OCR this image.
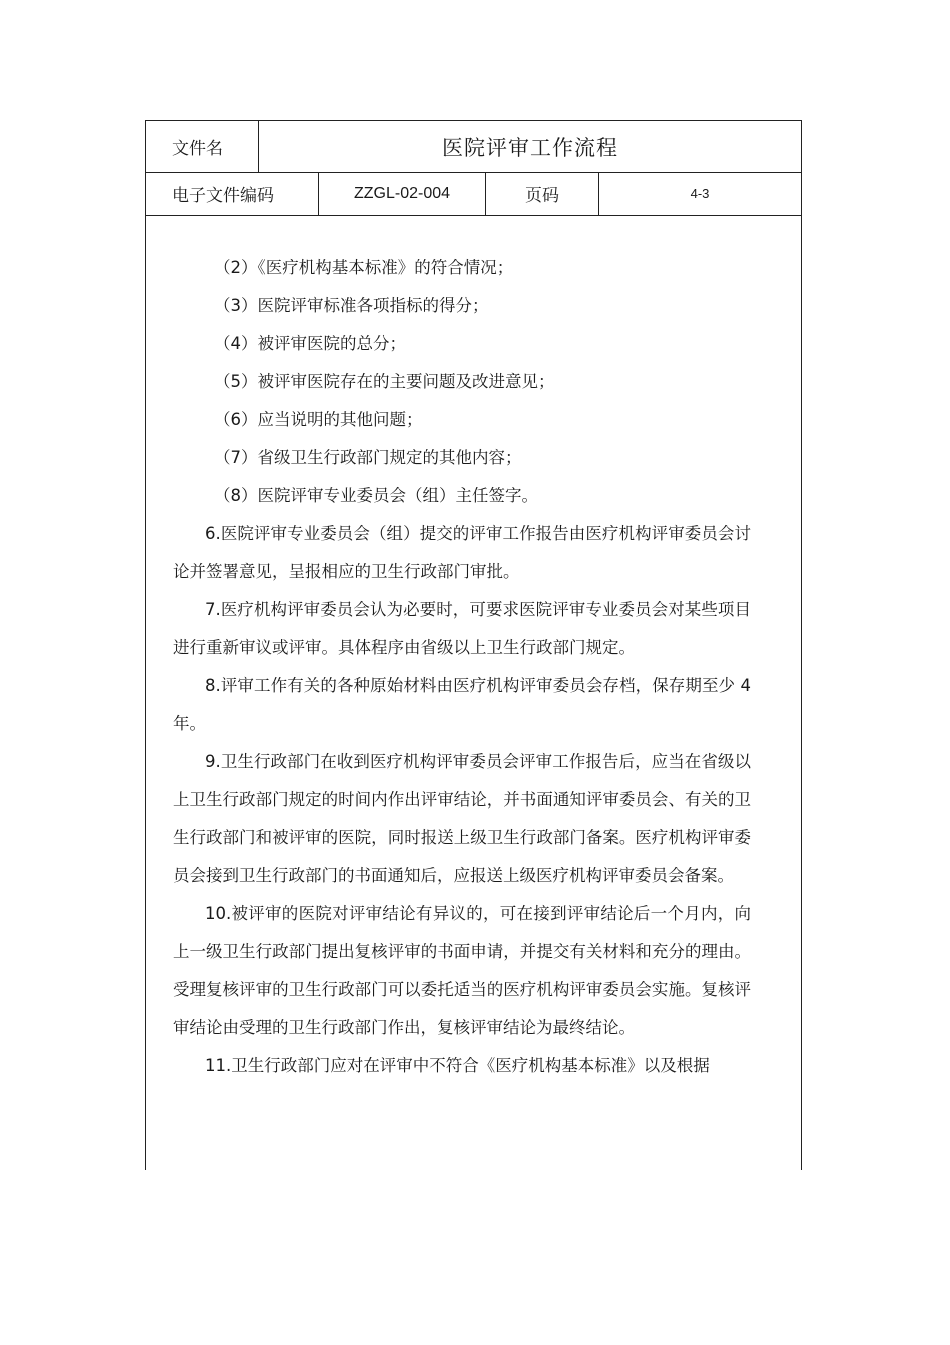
文件名	医院评审工作流程
电子文件编码	ZZGL-02-004	页码	4-3
（2）《医疗机构基本标准》的符合情况；
（3）医院评审标准各项指标的得分；
（4）被评审医院的总分；
（5）被评审医院存在的主要问题及改进意见；
（6）应当说明的其他问题；
（7）省级卫生行政部门规定的其他内容；
（8）医院评审专业委员会（组）主任签字。
6.医院评审专业委员会（组）提交的评审工作报告由医疗机构评审委员会讨论并签署意见，呈报相应的卫生行政部门审批。
7.医疗机构评审委员会认为必要时，可要求医院评审专业委员会对某些项目进行重新审议或评审。具体程序由省级以上卫生行政部门规定。
8.评审工作有关的各种原始材料由医疗机构评审委员会存档，保存期至少 4 年。
9.卫生行政部门在收到医疗机构评审委员会评审工作报告后，应当在省级以上卫生行政部门规定的时间内作出评审结论，并书面通知评审委员会、有关的卫生行政部门和被评审的医院，同时报送上级卫生行政部门备案。医疗机构评审委员会接到卫生行政部门的书面通知后，应报送上级医疗机构评审委员会备案。
10.被评审的医院对评审结论有异议的，可在接到评审结论后一个月内，向上一级卫生行政部门提出复核评审的书面申请，并提交有关材料和充分的理由。受理复核评审的卫生行政部门可以委托适当的医疗机构评审委员会实施。复核评审结论由受理的卫生行政部门作出，复核评审结论为最终结论。
11.卫生行政部门应对在评审中不符合《医疗机构基本标准》以及根据
